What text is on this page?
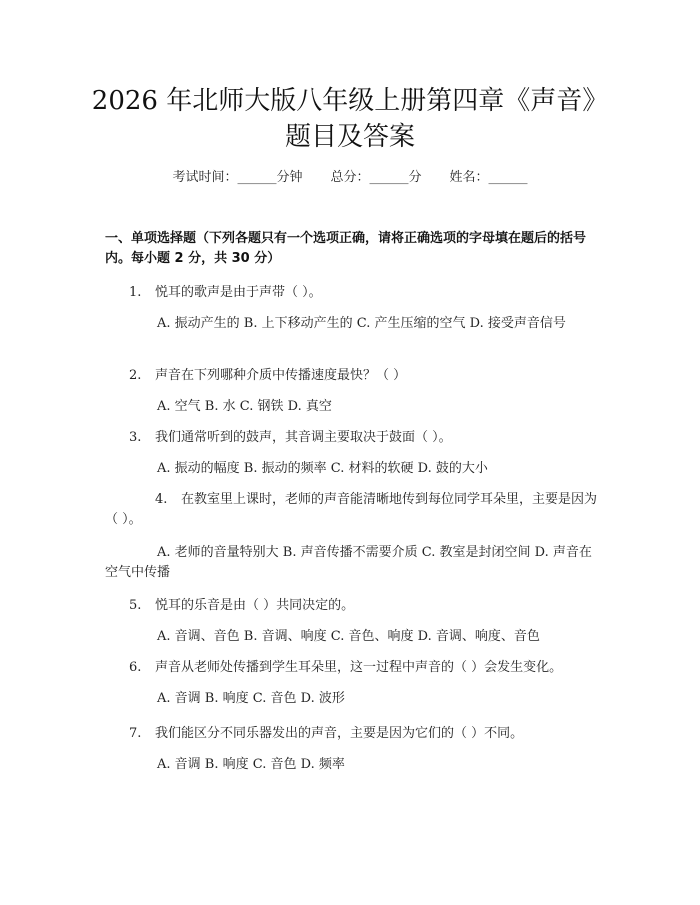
2026 年北师大版八年级上册第四章《声音》
题目及答案
考试时间：______分钟 总分：______分 姓名：______
一、单项选择题（下列各题只有一个选项正确，请将正确选项的字母填在题后的括号内。每小题 2 分，共 30 分）
1. 悦耳的歌声是由于声带（ ）。
A. 振动产生的 B. 上下移动产生的 C. 产生压缩的空气 D. 接受声音信号
2. 声音在下列哪种介质中传播速度最快？（ ）
A. 空气 B. 水 C. 钢铁 D. 真空
3. 我们通常听到的鼓声，其音调主要取决于鼓面（ ）。
A. 振动的幅度 B. 振动的频率 C. 材料的软硬 D. 鼓的大小
4. 在教室里上课时，老师的声音能清晰地传到每位同学耳朵里，主要是因为（ ）。
A. 老师的音量特别大 B. 声音传播不需要介质 C. 教室是封闭空间 D. 声音在空气中传播
5. 悦耳的乐音是由（ ）共同决定的。
A. 音调、音色 B. 音调、响度 C. 音色、响度 D. 音调、响度、音色
6. 声音从老师处传播到学生耳朵里，这一过程中声音的（ ）会发生变化。
A. 音调 B. 响度 C. 音色 D. 波形
7. 我们能区分不同乐器发出的声音，主要是因为它们的（ ）不同。
A. 音调 B. 响度 C. 音色 D. 频率
